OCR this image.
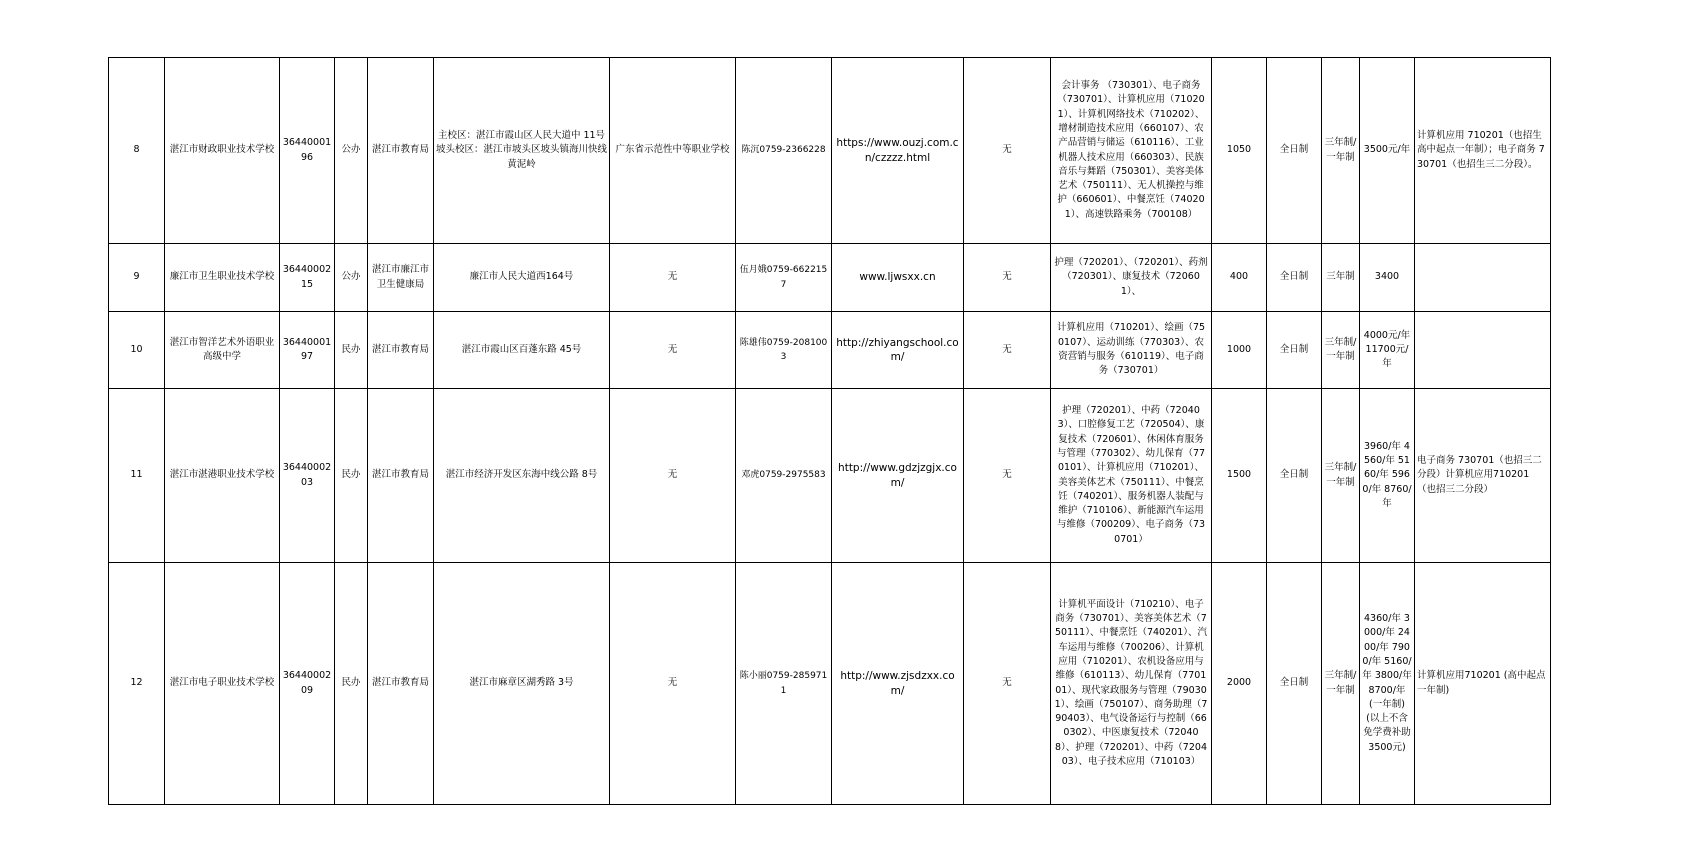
8	湛江市财政职业技术学校	3644000196	公办	湛江市教育局	主校区：湛江市霞山区人民大道中 11号 坡头校区：湛江市坡头区坡头镇海川快线黄泥岭	广东省示范性中等职业学校	陈沉0759-2366228	https://www.ouzj.com.cn/czzzz.html	无	会计事务 （730301）、电子商务（730701）、计算机应用（710201）、计算机网络技术（710202）、增材制造技术应用（660107）、农产品营销与储运（610116）、工业机器人技术应用（660303）、民族音乐与舞蹈（750301）、美容美体艺术（750111）、无人机操控与维护（660601）、中餐烹饪（740201）、高速铁路乘务（700108）	1050	全日制	三年制/一年制	3500元/年	计算机应用 710201（也招生高中起点一年制）；电子商务 730701（也招生三二分段）。
9	廉江市卫生职业技术学校	3644000215	公办	湛江市廉江市卫生健康局	廉江市人民大道西164号	无	伍月娥0759-6622157	www.ljwsxx.cn	无	护理（720201）、（720201）、药剂（720301）、康复技术（720601）、	400	全日制	三年制	3400	
10	湛江市智洋艺术外语职业高级中学	3644000197	民办	湛江市教育局	湛江市霞山区百蓬东路 45号	无	陈雄伟0759-2081003	http://zhiyangschool.com/	无	计算机应用（710201）、绘画（750107）、运动训练（770303）、农资营销与服务（610119）、电子商务（730701）	1000	全日制	三年制/一年制	4000元/年 11700元/年	
11	湛江市湛港职业技术学校	3644000203	民办	湛江市教育局	湛江市经济开发区东海中线公路 8号	无	邓虎0759-2975583	http://www.gdzjzgjx.com/	无	护理（720201）、中药（720403）、口腔修复工艺（720504）、康复技术（720601）、休闲体育服务与管理（770302）、幼儿保育（770101）、计算机应用（710201）、美容美体艺术（750111）、中餐烹饪（740201）、服务机器人装配与维护（710106）、新能源汽车运用与维修（700209）、电子商务（730701）	1500	全日制	三年制/一年制	3960/年 4560/年 5160/年 5960/年 8760/年	电子商务 730701（也招三二分段）计算机应用710201（也招三二分段）
12	湛江市电子职业技术学校	3644000209	民办	湛江市教育局	湛江市麻章区湖秀路 3号	无	陈小丽0759-2859711	http://www.zjsdzxx.com/	无	计算机平面设计（710210）、电子商务（730701）、美容美体艺术（750111）、中餐烹饪（740201）、汽车运用与维修（700206）、计算机应用（710201）、农机设备应用与维修（610113）、幼儿保育（770101）、现代家政服务与管理（790301）、绘画（750107）、商务助理（790403）、电气设备运行与控制（660302）、中医康复技术（720408）、护理（720201）、中药（720403）、电子技术应用（710103）	2000	全日制	三年制/一年制	4360/年 3000/年 2400/年 7900/年 5160/年 3800/年 8700/年 (一年制) (以上不含免学费补助3500元)	计算机应用710201 (高中起点一年制)
